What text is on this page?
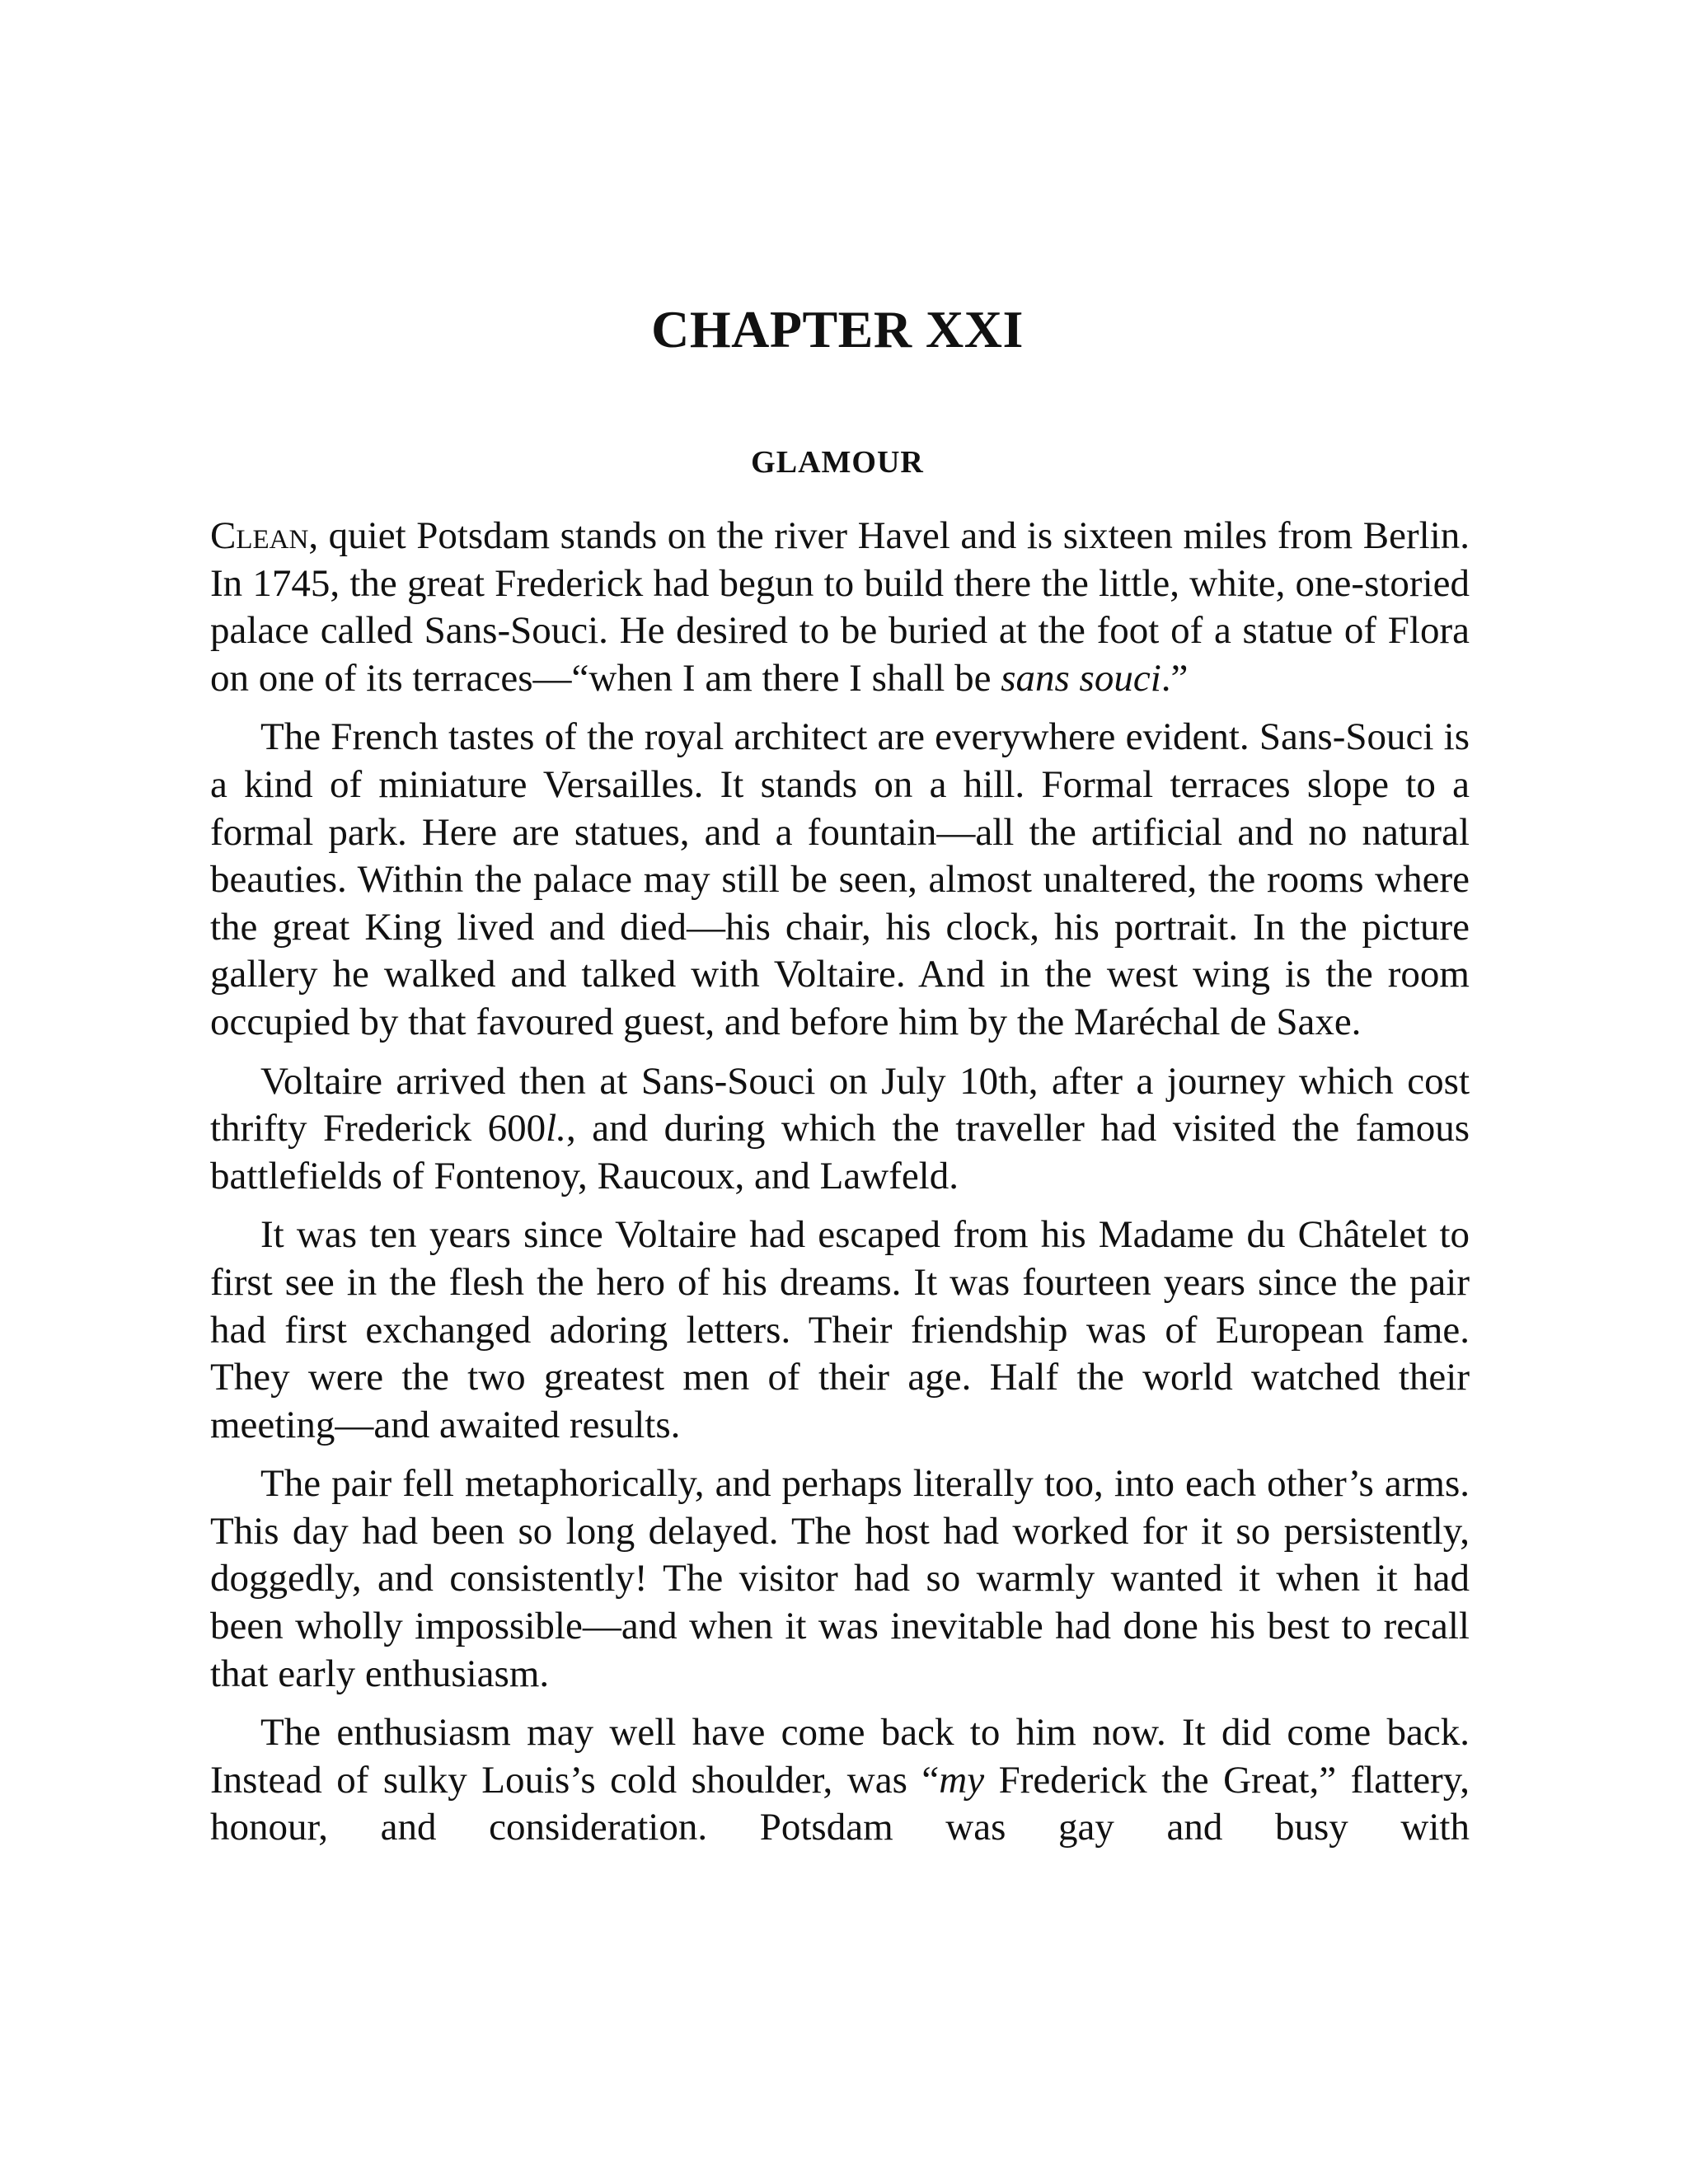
CHAPTER XXI
GLAMOUR

Clean, quiet Potsdam stands on the river Havel and is sixteen miles from Berlin. In 1745, the great Frederick had begun to build there the little, white, one-storied palace called Sans-Souci. He desired to be buried at the foot of a statue of Flora on one of its terraces—“when I am there I shall be sans souci.”

The French tastes of the royal architect are everywhere evident. Sans-Souci is a kind of miniature Versailles. It stands on a hill. Formal terraces slope to a formal park. Here are statues, and a fountain—all the artificial and no natural beauties. Within the palace may still be seen, almost unaltered, the rooms where the great King lived and died—his chair, his clock, his portrait. In the picture gallery he walked and talked with Voltaire. And in the west wing is the room occupied by that favoured guest, and before him by the Maréchal de Saxe.

Voltaire arrived then at Sans-Souci on July 10th, after a journey which cost thrifty Frederick 600l., and during which the traveller had visited the famous battlefields of Fontenoy, Raucoux, and Lawfeld.

It was ten years since Voltaire had escaped from his Madame du Châtelet to first see in the flesh the hero of his dreams. It was fourteen years since the pair had first exchanged adoring letters. Their friendship was of European fame. They were the two greatest men of their age. Half the world watched their meeting—and awaited results.

The pair fell metaphorically, and perhaps literally too, into each other’s arms. This day had been so long delayed. The host had worked for it so persistently, doggedly, and consistently! The visitor had so warmly wanted it when it had been wholly impossible—and when it was inevitable had done his best to recall that early enthusiasm.

The enthusiasm may well have come back to him now. It did come back. Instead of sulky Louis’s cold shoulder, was “my Frederick the Great,” flattery, honour, and consideration. Potsdam was gay and busy with
